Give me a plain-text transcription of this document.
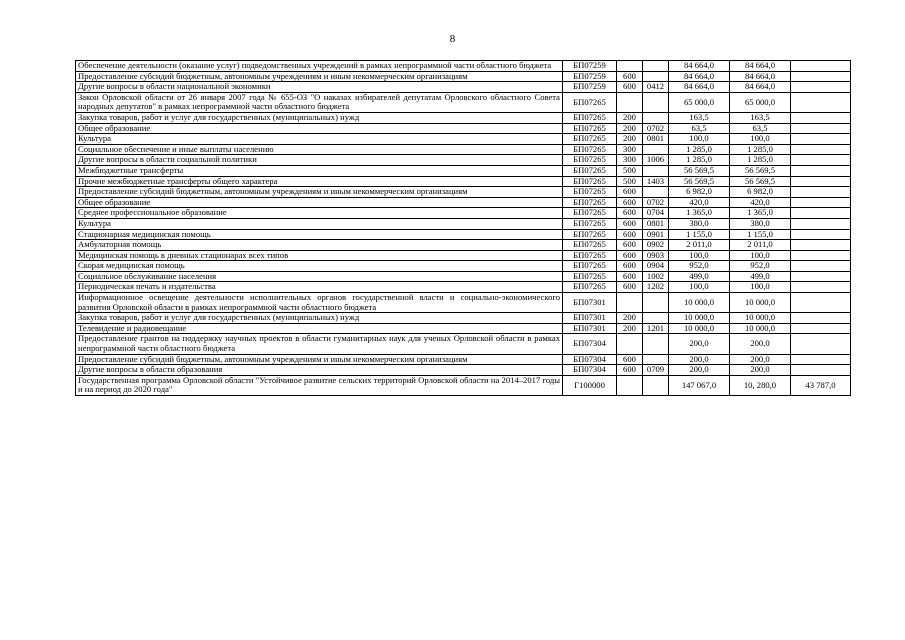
8
Обеспечение деятельности (оказание услуг) подведомственных учреждений в рамках непрограммной части областного бюджета	БП07259			84 664,0	84 664,0	
Предоставление субсидий бюджетным, автономным учреждениям и иным некоммерческим организациям	БП07259	600		84 664,0	84 664,0	
Другие вопросы в области национальной экономики	БП07259	600	0412	84 664,0	84 664,0	
Закон Орловской области от 26 января 2007 года № 655-ОЗ "О наказах избирателей депутатам Орловского областного Совета народных депутатов" в рамках непрограммной части областного бюджета	БП07265			65 000,0	65 000,0	
Закупка товаров, работ и услуг для государственных (муниципальных) нужд	БП07265	200		163,5	163,5	
Общее образование	БП07265	200	0702	63,5	63,5	
Культура	БП07265	200	0801	100,0	100,0	
Социальное обеспечение и иные выплаты населению	БП07265	300		1 285,0	1 285,0	
Другие вопросы в области социальной политики	БП07265	300	1006	1 285,0	1 285,0	
Межбюджетные трансферты	БП07265	500		56 569,5	56 569,5	
Прочие межбюджетные трансферты общего характера	БП07265	500	1403	56 569,5	56 569,5	
Предоставление субсидий бюджетным, автономным учреждениям и иным некоммерческим организациям	БП07265	600		6 982,0	6 982,0	
Общее образование	БП07265	600	0702	420,0	420,0	
Среднее профессиональное образование	БП07265	600	0704	1 365,0	1 365,0	
Культура	БП07265	600	0801	380,0	380,0	
Стационарная медицинская помощь	БП07265	600	0901	1 155,0	1 155,0	
Амбулаторная помощь	БП07265	600	0902	2 011,0	2 011,0	
Медицинская помощь в дневных стационарах всех типов	БП07265	600	0903	100,0	100,0	
Скорая медицинская помощь	БП07265	600	0904	952,0	952,0	
Социальное обслуживание населения	БП07265	600	1002	499,0	499,0	
Периодическая печать и издательства	БП07265	600	1202	100,0	100,0	
Информационное освещение деятельности исполнительных органов государственной власти и социально-экономического развития Орловской области в рамках непрограммной части областного бюджета	БП07301			10 000,0	10 000,0	
Закупка товаров, работ и услуг для государственных (муниципальных) нужд	БП07301	200		10 000,0	10 000,0	
Телевидение и радиовещание	БП07301	200	1201	10 000,0	10 000,0	
Предоставление грантов на поддержку научных проектов в области гуманитарных наук для ученых Орловской области в рамках непрограммной части областного бюджета	БП07304			200,0	200,0	
Предоставление субсидий бюджетным, автономным учреждениям и иным некоммерческим организациям	БП07304	600		200,0	200,0	
Другие вопросы в области образования	БП07304	600	0709	200,0	200,0	
Государственная программа Орловской области "Устойчивое развитие сельских территорий Орловской области на 2014–2017 годы и на период до 2020 года"	Г100000			147 067,0	10, 280,0	43 787,0
